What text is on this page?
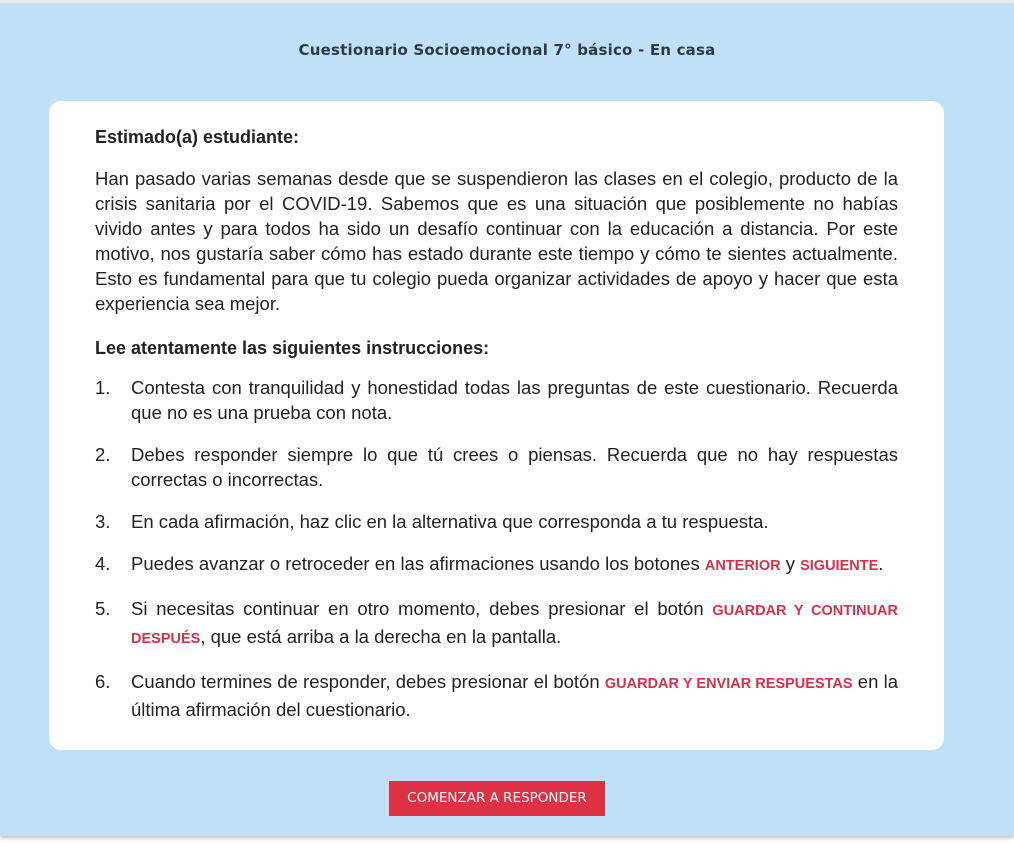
Cuestionario Socioemocional 7° básico - En casa
Estimado(a) estudiante:

Han pasado varias semanas desde que se suspendieron las clases en el colegio, producto de la crisis sanitaria por el COVID-19. Sabemos que es una situación que posiblemente no habías vivido antes y para todos ha sido un desafío continuar con la educación a distancia. Por este motivo, nos gustaría saber cómo has estado durante este tiempo y cómo te sientes actualmente. Esto es fundamental para que tu colegio pueda organizar actividades de apoyo y hacer que esta experiencia sea mejor.

Lee atentamente las siguientes instrucciones:
1. Contesta con tranquilidad y honestidad todas las preguntas de este cuestionario. Recuerda que no es una prueba con nota.
2. Debes responder siempre lo que tú crees o piensas. Recuerda que no hay respuestas correctas o incorrectas.
3. En cada afirmación, haz clic en la alternativa que corresponda a tu respuesta.
4. Puedes avanzar o retroceder en las afirmaciones usando los botones ANTERIOR y SIGUIENTE.
5. Si necesitas continuar en otro momento, debes presionar el botón GUARDAR Y CONTINUAR DESPUÉS, que está arriba a la derecha en la pantalla.
6. Cuando termines de responder, debes presionar el botón GUARDAR Y ENVIAR RESPUESTAS en la última afirmación del cuestionario.
COMENZAR A RESPONDER
